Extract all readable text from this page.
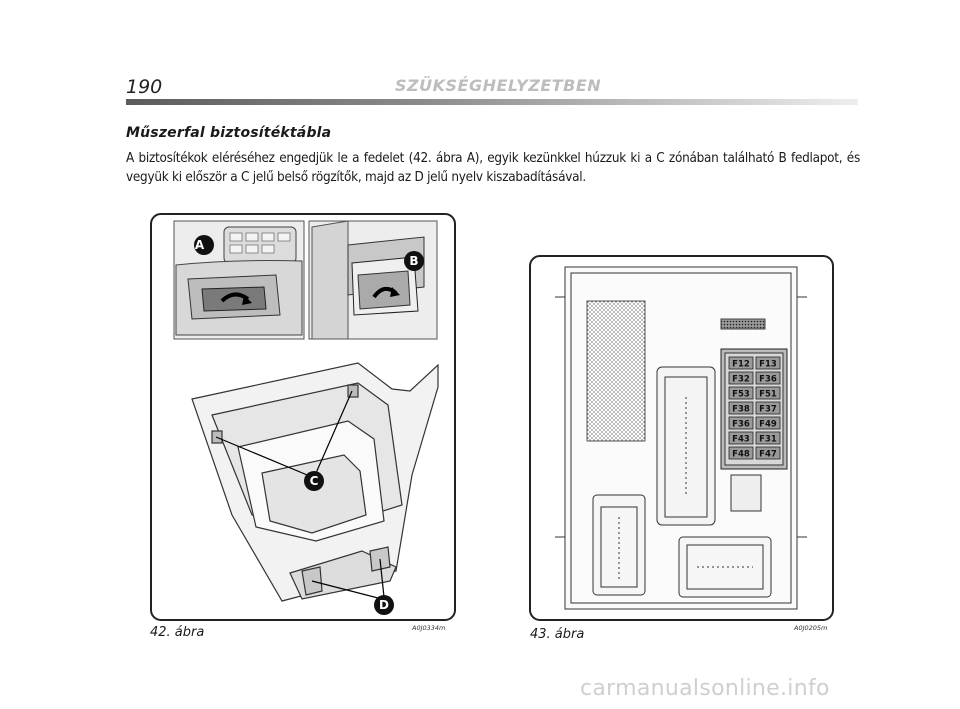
190	SZÜKSÉGHELYZETBEN
Műszerfal biztosítéktábla
A biztosítékok eléréséhez engedjük le a fedelet (42. ábra A), egyik kezünkkel húzzuk ki a C zónában található B fedlapot, és vegyük ki először a C jelű belső rögzítők, majd az D jelű nyelv kiszabadításával.
A
B
C
D
42. ábra	A0J0334m
F12 F13
F32 F36
F53 F51
F38 F37
F36 F49
F43 F31
F48 F47
43. ábra	A0J0205m
carmanualsonline.info
